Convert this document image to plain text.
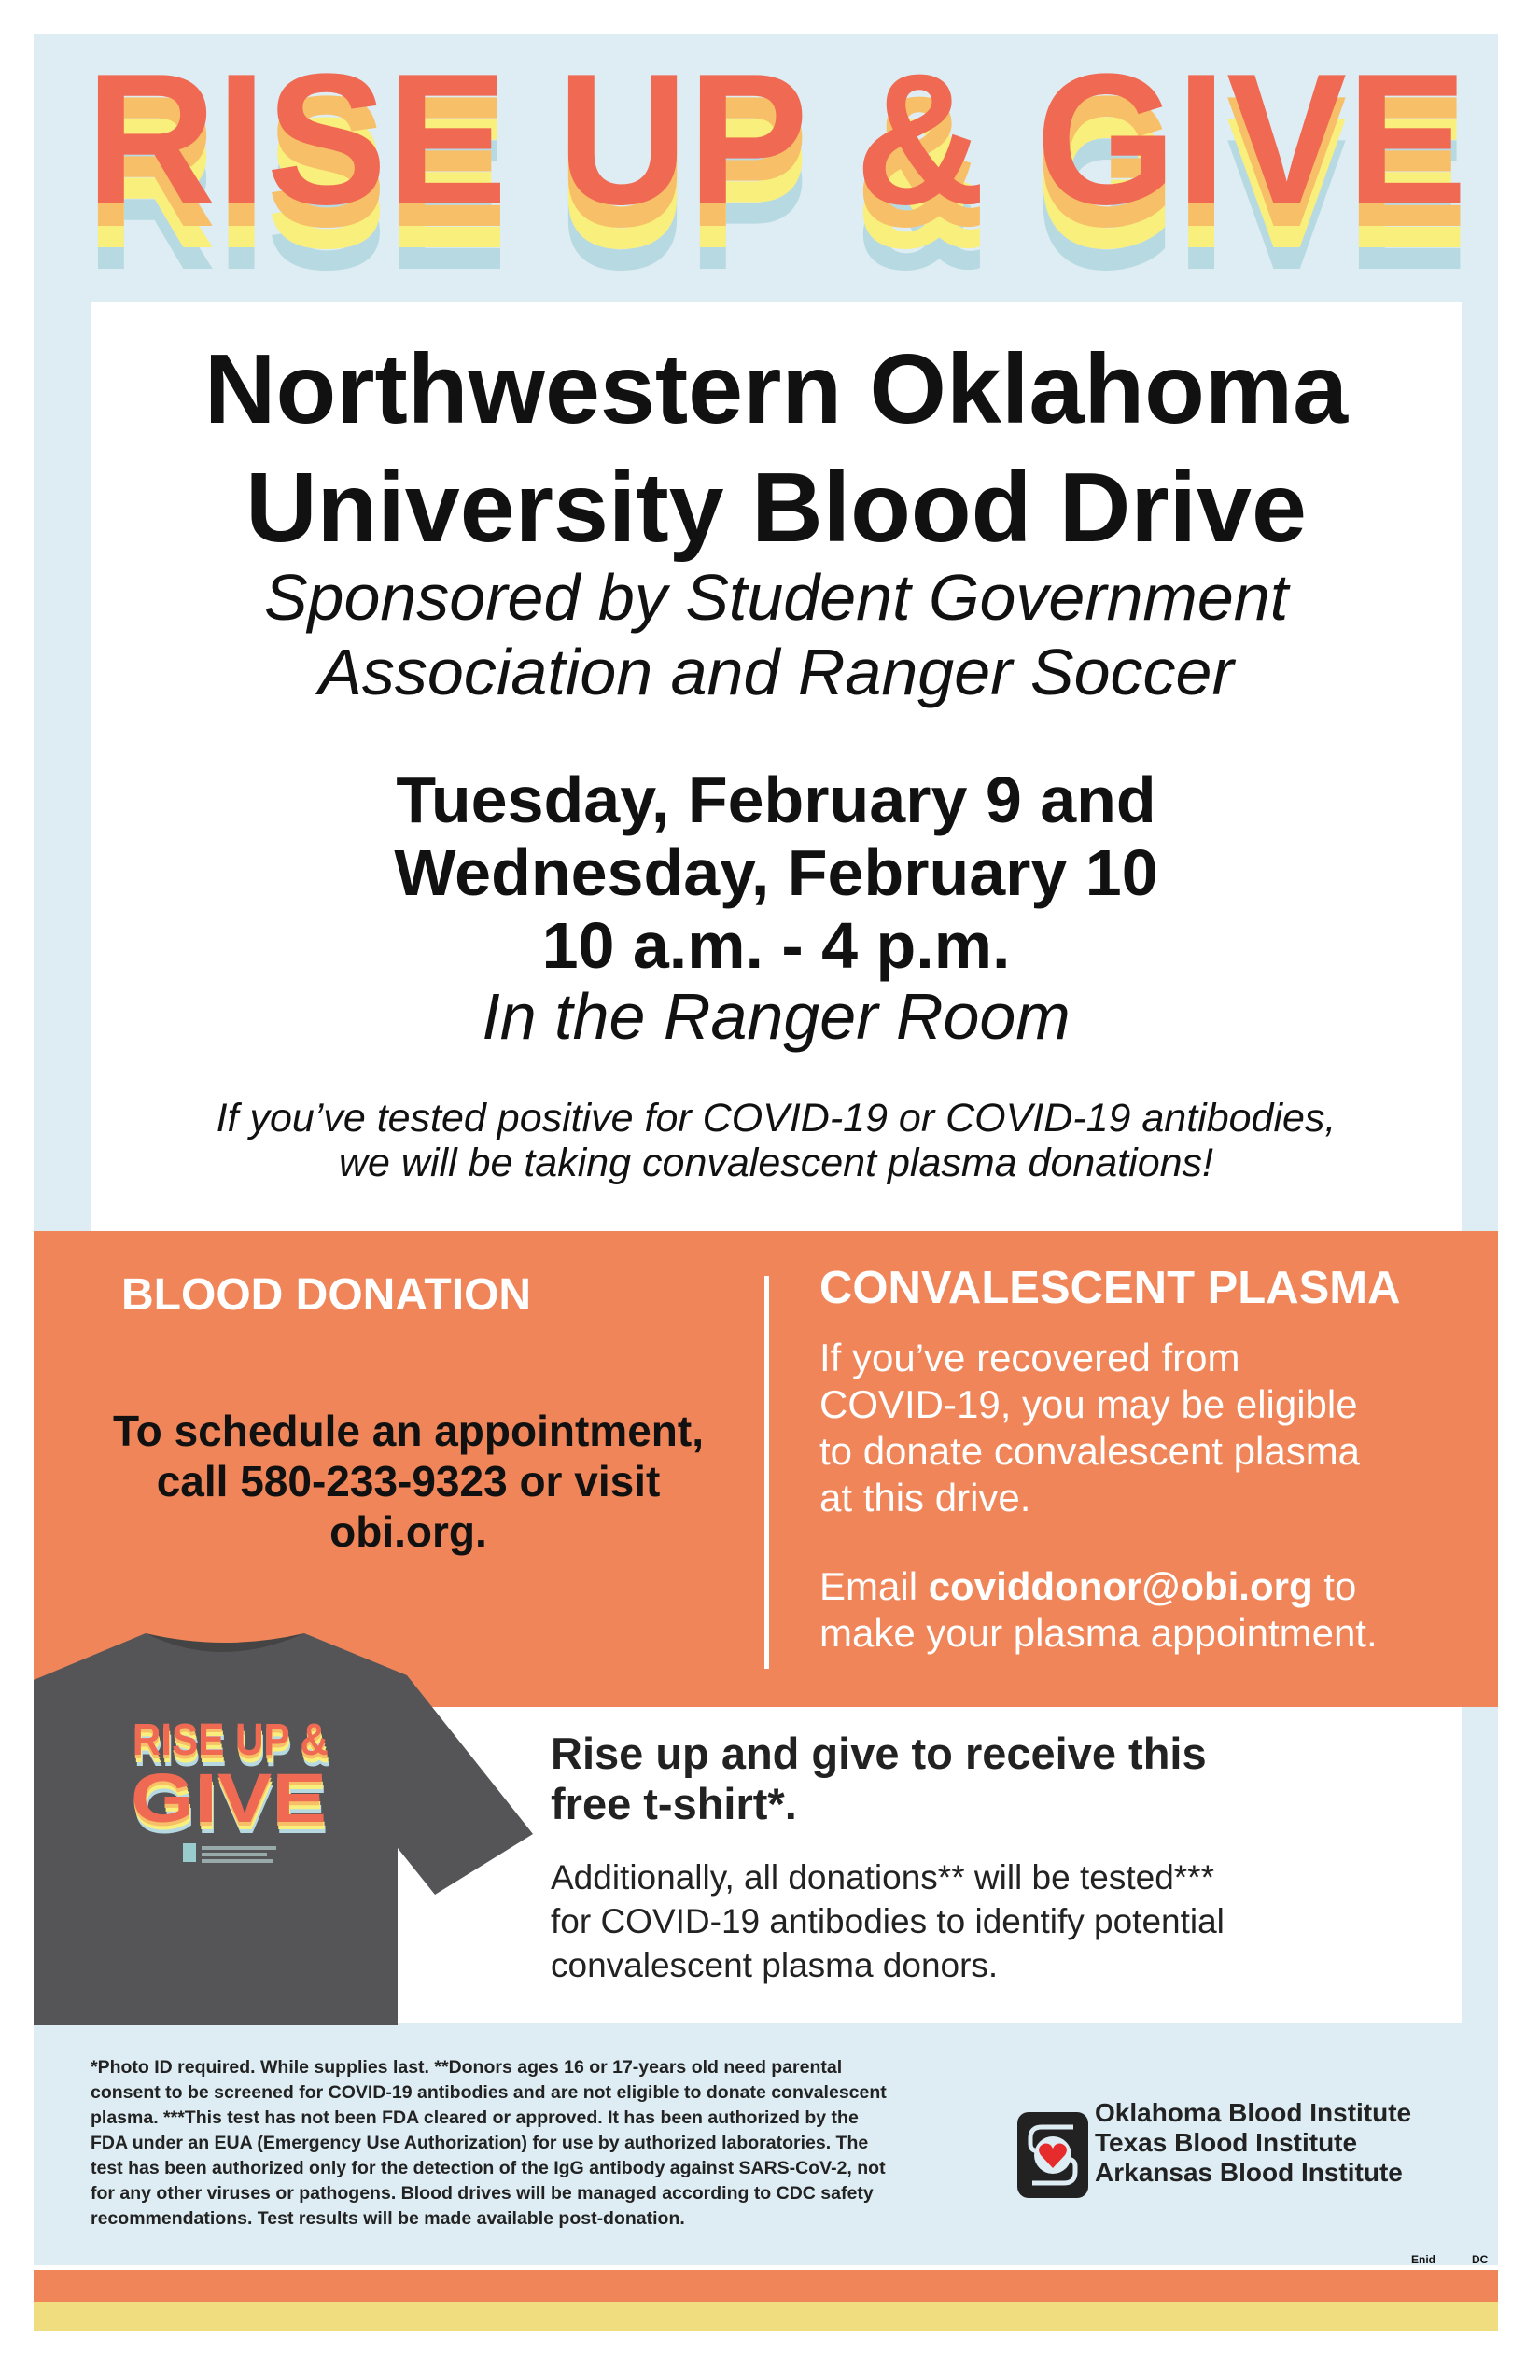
RISE UP & GIVE
Northwestern Oklahoma
University Blood Drive
Sponsored by Student Government
Association and Ranger Soccer
Tuesday, February 9 and
Wednesday, February 10
10 a.m. - 4 p.m.
In the Ranger Room
If you’ve tested positive for COVID-19 or COVID-19 antibodies,
we will be taking convalescent plasma donations!
BLOOD DONATION
To schedule an appointment,
call 580-233-9323 or visit
obi.org.
CONVALESCENT PLASMA
If you’ve recovered from
COVID-19, you may be eligible
to donate convalescent plasma
at this drive.
Email coviddonor@obi.org to
make your plasma appointment.
RISE UP &
GIVE
Rise up and give to receive this
free t-shirt*.
Additionally, all donations** will be tested***
for COVID-19 antibodies to identify potential
convalescent plasma donors.
*Photo ID required. While supplies last. **Donors ages 16 or 17-years old need parental
consent to be screened for COVID-19 antibodies and are not eligible to donate convalescent
plasma. ***This test has not been FDA cleared or approved. It has been authorized by the
FDA under an EUA (Emergency Use Authorization) for use by authorized laboratories. The
test has been authorized only for the detection of the IgG antibody against SARS-CoV-2, not
for any other viruses or pathogens. Blood drives will be managed according to CDC safety
recommendations. Test results will be made available post-donation.
Oklahoma Blood Institute
Texas Blood Institute
Arkansas Blood Institute
Enid	DC
